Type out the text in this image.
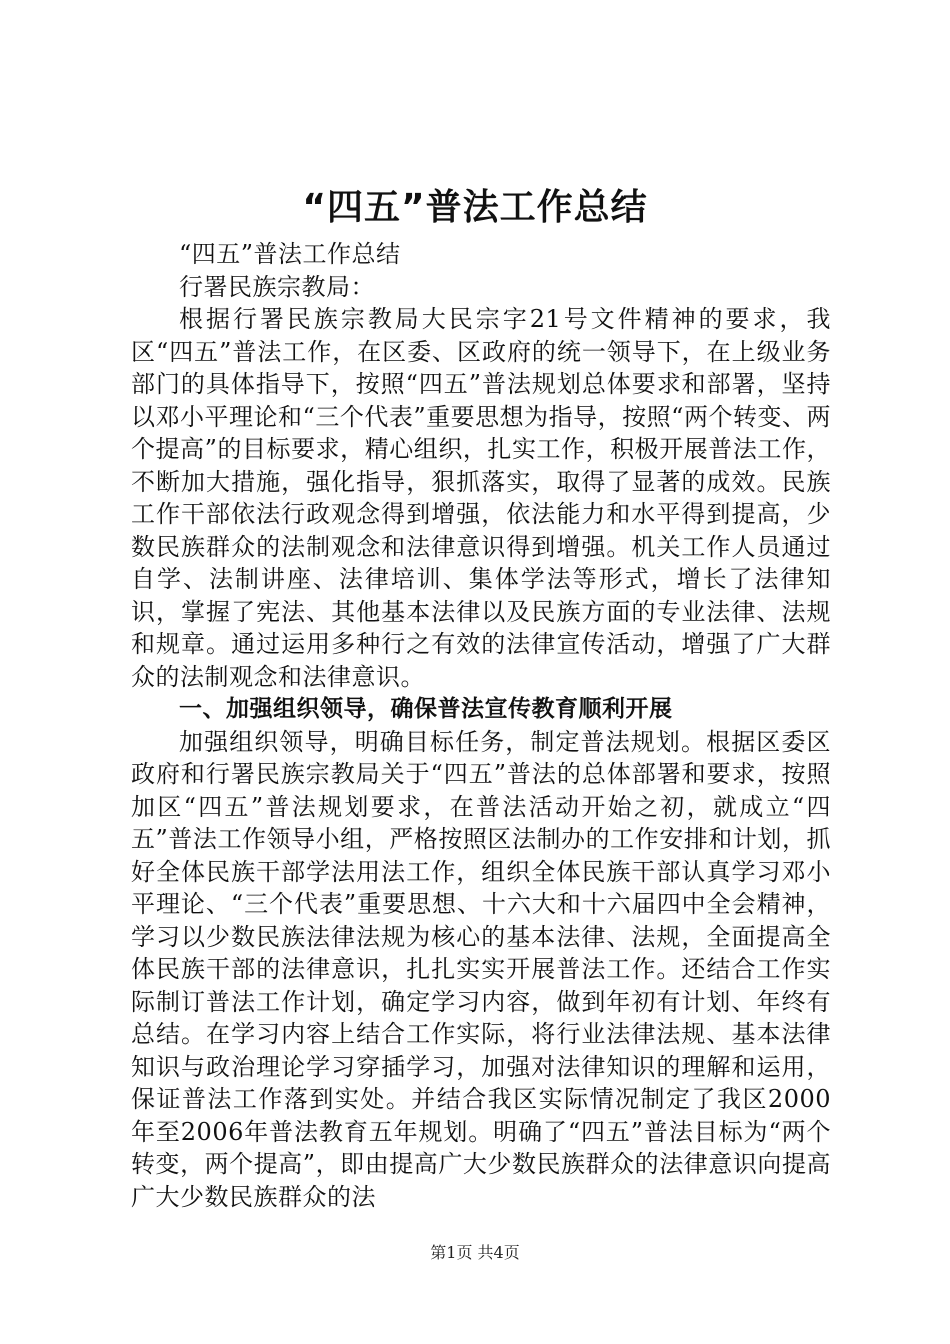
“四五”普法工作总结

“四五”普法工作总结

行署民族宗教局：

根据行署民族宗教局大民宗字21号文件精神的要求，我区“四五”普法工作，在区委、区政府的统一领导下，在上级业务部门的具体指导下，按照“四五”普法规划总体要求和部署，坚持以邓小平理论和“三个代表”重要思想为指导，按照“两个转变、两个提高”的目标要求，精心组织，扎实工作，积极开展普法工作，不断加大措施，强化指导，狠抓落实，取得了显著的成效。民族工作干部依法行政观念得到增强，依法能力和水平得到提高，少数民族群众的法制观念和法律意识得到增强。机关工作人员通过自学、法制讲座、法律培训、集体学法等形式，增长了法律知识，掌握了宪法、其他基本法律以及民族方面的专业法律、法规和规章。通过运用多种行之有效的法律宣传活动，增强了广大群众的法制观念和法律意识。

一、加强组织领导，确保普法宣传教育顺利开展

加强组织领导，明确目标任务，制定普法规划。根据区委区政府和行署民族宗教局关于“四五”普法的总体部署和要求，按照加区“四五”普法规划要求，在普法活动开始之初，就成立“四五”普法工作领导小组，严格按照区法制办的工作安排和计划，抓好全体民族干部学法用法工作，组织全体民族干部认真学习邓小平理论、“三个代表”重要思想、十六大和十六届四中全会精神，学习以少数民族法律法规为核心的基本法律、法规，全面提高全体民族干部的法律意识，扎扎实实开展普法工作。还结合工作实际制订普法工作计划，确定学习内容，做到年初有计划、年终有总结。在学习内容上结合工作实际，将行业法律法规、基本法律知识与政治理论学习穿插学习，加强对法律知识的理解和运用，保证普法工作落到实处。并结合我区实际情况制定了我区2000年至2006年普法教育五年规划。明确了“四五”普法目标为“两个转变，两个提高”，即由提高广大少数民族群众的法律意识向提高广大少数民族群众的法

第1页 共4页
